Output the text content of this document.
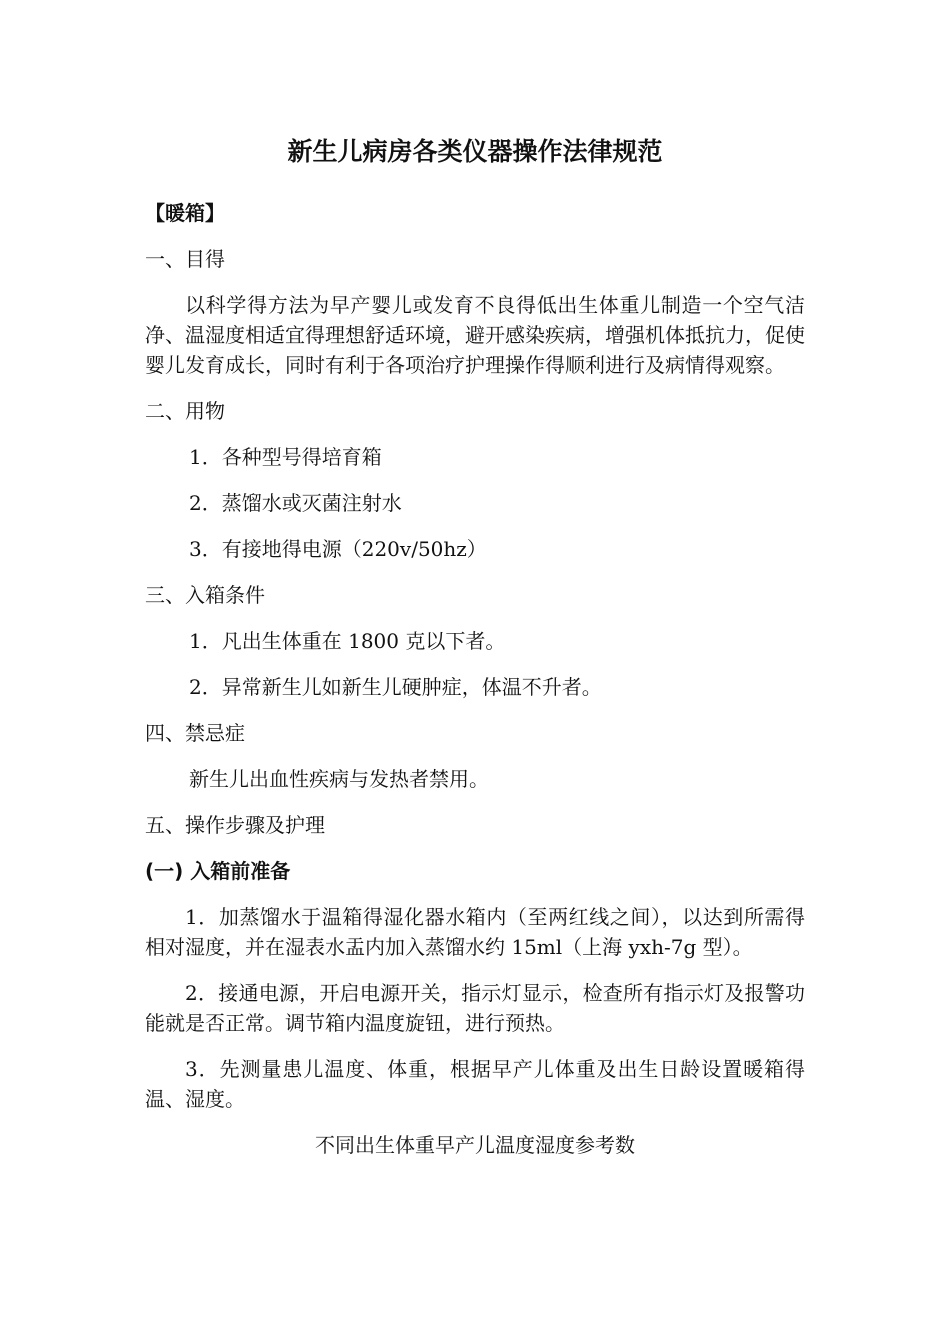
新生儿病房各类仪器操作法律规范
【暖箱】
一、目得
以科学得方法为早产婴儿或发育不良得低出生体重儿制造一个空气洁净、温湿度相适宜得理想舒适环境，避开感染疾病，增强机体抵抗力，促使婴儿发育成长，同时有利于各项治疗护理操作得顺利进行及病情得观察。
二、用物
1．各种型号得培育箱
2．蒸馏水或灭菌注射水
3．有接地得电源（220v/50hz）
三、入箱条件
1．凡出生体重在 1800 克以下者。
2．异常新生儿如新生儿硬肿症，体温不升者。
四、禁忌症
新生儿出血性疾病与发热者禁用。
五、操作步骤及护理
(一) 入箱前准备
1．加蒸馏水于温箱得湿化器水箱内（至两红线之间），以达到所需得相对湿度，并在湿表水盂内加入蒸馏水约 15ml（上海 yxh-7g 型）。
2．接通电源，开启电源开关，指示灯显示，检查所有指示灯及报警功能就是否正常。调节箱内温度旋钮，进行预热。
3．先测量患儿温度、体重，根据早产儿体重及出生日龄设置暖箱得温、湿度。
不同出生体重早产儿温度湿度参考数
